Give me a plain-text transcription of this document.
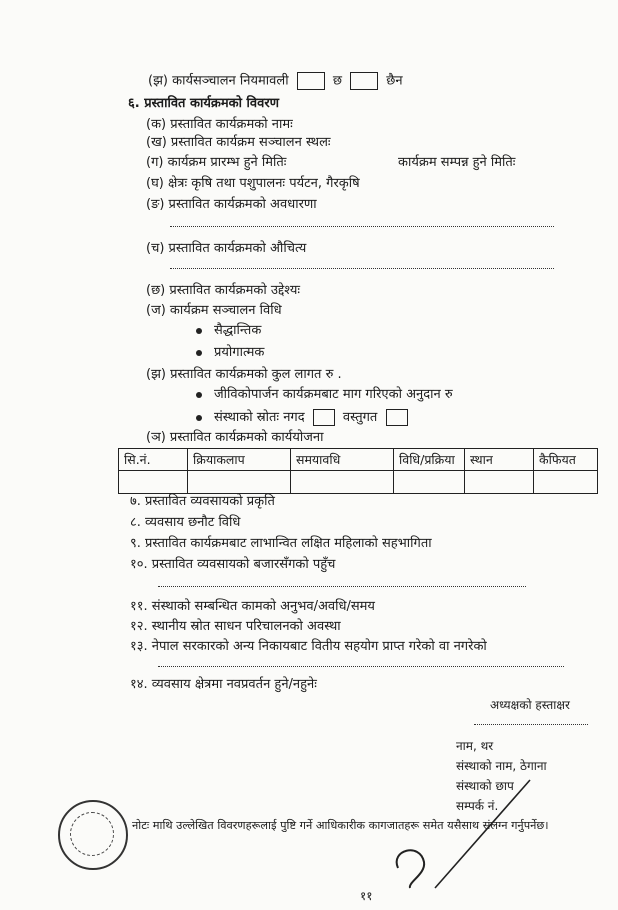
(झ) कार्यसञ्चालन नियमावली	छ	छैन
६. प्रस्तावित कार्यक्रमको विवरण
(क) प्रस्तावित कार्यक्रमको नामः
(ख) प्रस्तावित कार्यक्रम सञ्चालन स्थलः
(ग) कार्यक्रम प्रारम्भ हुने मितिः	कार्यक्रम सम्पन्न हुने मितिः
(घ) क्षेत्रः कृषि तथा पशुपालनः पर्यटन, गैरकृषि
(ङ) प्रस्तावित कार्यक्रमको अवधारणा
(च) प्रस्तावित कार्यक्रमको औचित्य
(छ) प्रस्तावित कार्यक्रमको उद्देश्यः
(ज) कार्यक्रम सञ्चालन विधि
सैद्धान्तिक
प्रयोगात्मक
(झ) प्रस्तावित कार्यक्रमको कुल लागत रु .
जीविकोपार्जन कार्यक्रमबाट माग गरिएको अनुदान रु
संस्थाको स्रोतः नगद	वस्तुगत
(ञ) प्रस्तावित कार्यक्रमको कार्ययोजना
सि.नं.	क्रियाकलाप	समयावधि	विधि/प्रक्रिया	स्थान	कैफियत

७. प्रस्तावित व्यवसायको प्रकृति
८. व्यवसाय छनौट विधि
९. प्रस्तावित कार्यक्रमबाट लाभान्वित लक्षित महिलाको सहभागिता
१०. प्रस्तावित व्यवसायको बजारसँगको पहुँच
११. संस्थाको सम्बन्धित कामको अनुभव/अवधि/समय
१२. स्थानीय स्रोत साधन परिचालनको अवस्था
१३. नेपाल सरकारको अन्य निकायबाट वितीय सहयोग प्राप्त गरेको वा नगरेको
१४. व्यवसाय क्षेत्रमा नवप्रवर्तन हुने/नहुनेः
अध्यक्षको हस्ताक्षर
नाम, थर
संस्थाको नाम, ठेगाना
संस्थाको छाप
सम्पर्क नं.
नोटः माथि उल्लेखित विवरणहरूलाई पुष्टि गर्ने आधिकारीक कागजातहरू समेत यसैसाथ संलग्न गर्नुपर्नेछ।
११
